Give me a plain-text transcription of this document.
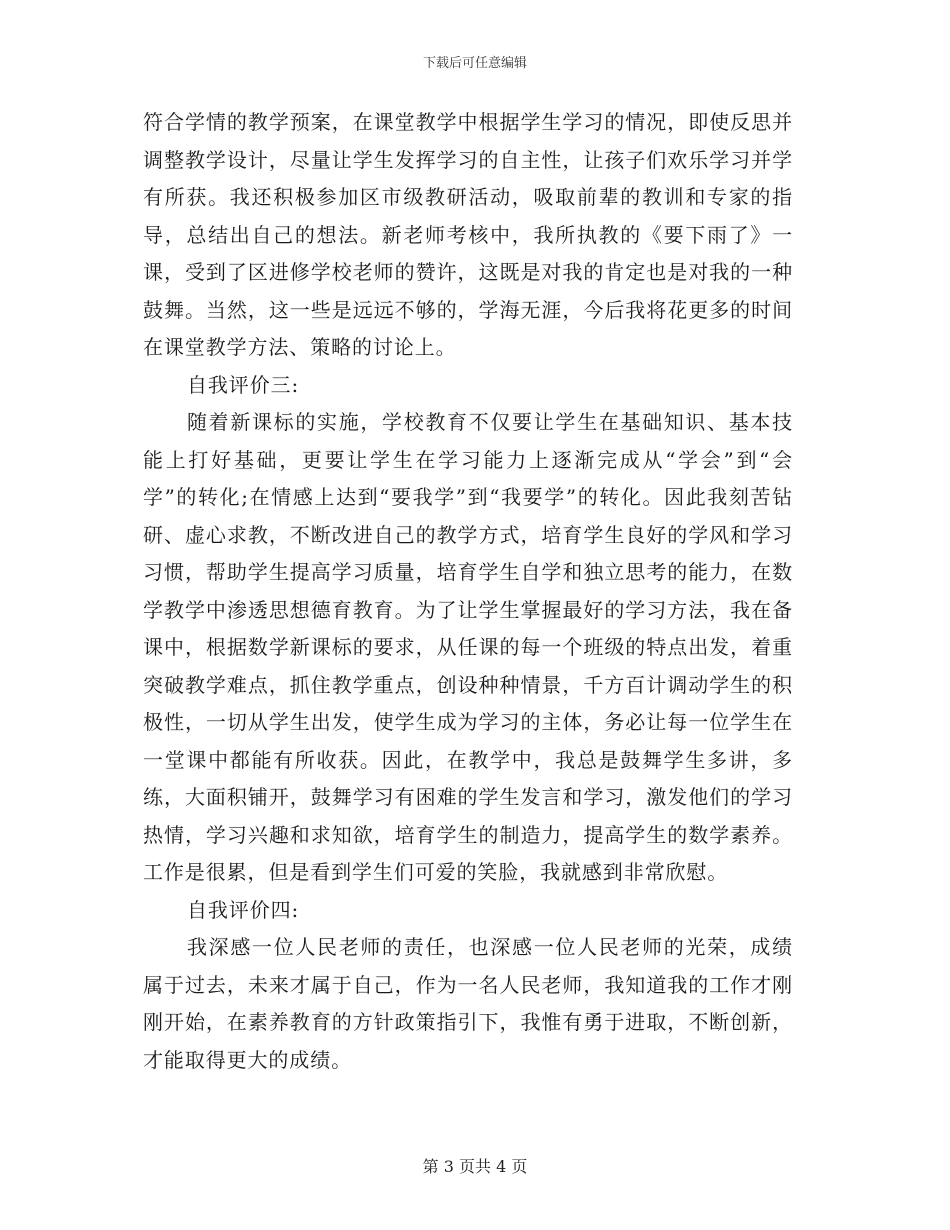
下载后可任意编辑

符合学情的教学预案，在课堂教学中根据学生学习的情况，即使反思并调整教学设计，尽量让学生发挥学习的自主性，让孩子们欢乐学习并学有所获。我还积极参加区市级教研活动，吸取前辈的教训和专家的指导，总结出自己的想法。新老师考核中，我所执教的《要下雨了》一课，受到了区进修学校老师的赞许，这既是对我的肯定也是对我的一种鼓舞。当然，这一些是远远不够的，学海无涯，今后我将花更多的时间在课堂教学方法、策略的讨论上。

自我评价三:

随着新课标的实施，学校教育不仅要让学生在基础知识、基本技能上打好基础，更要让学生在学习能力上逐渐完成从“学会”到“会学”的转化;在情感上达到“要我学”到“我要学”的转化。因此我刻苦钻研、虚心求教，不断改进自己的教学方式，培育学生良好的学风和学习习惯，帮助学生提高学习质量，培育学生自学和独立思考的能力，在数学教学中渗透思想德育教育。为了让学生掌握最好的学习方法，我在备课中，根据数学新课标的要求，从任课的每一个班级的特点出发，着重突破教学难点，抓住教学重点，创设种种情景，千方百计调动学生的积极性，一切从学生出发，使学生成为学习的主体，务必让每一位学生在一堂课中都能有所收获。因此，在教学中，我总是鼓舞学生多讲，多练，大面积铺开，鼓舞学习有困难的学生发言和学习，激发他们的学习热情，学习兴趣和求知欲，培育学生的制造力，提高学生的数学素养。工作是很累，但是看到学生们可爱的笑脸，我就感到非常欣慰。

自我评价四:

我深感一位人民老师的责任，也深感一位人民老师的光荣，成绩属于过去，未来才属于自己，作为一名人民老师，我知道我的工作才刚刚开始，在素养教育的方针政策指引下，我惟有勇于进取，不断创新，才能取得更大的成绩。

第 3 页共 4 页
